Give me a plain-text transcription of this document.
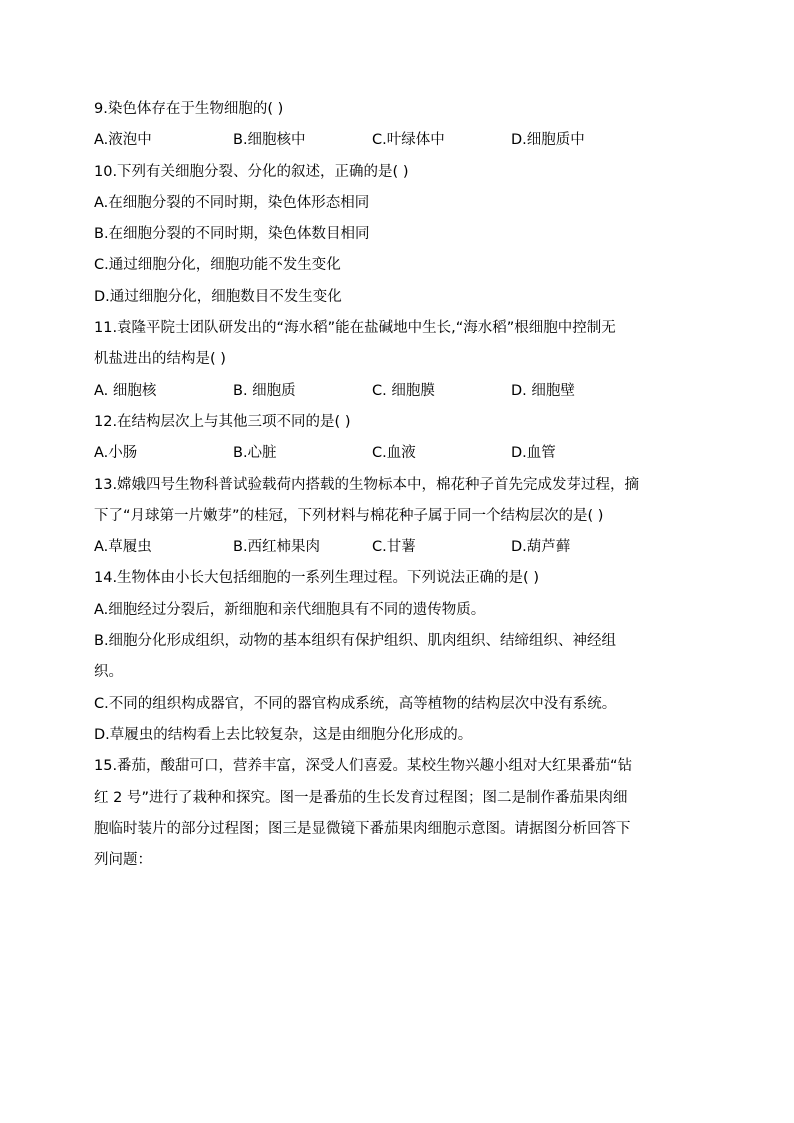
9.染色体存在于生物细胞的( )
A.液泡中	B.细胞核中	C.叶绿体中	D.细胞质中
10.下列有关细胞分裂、分化的叙述，正确的是( )
A.在细胞分裂的不同时期，染色体形态相同
B.在细胞分裂的不同时期，染色体数目相同
C.通过细胞分化，细胞功能不发生变化
D.通过细胞分化，细胞数目不发生变化
11.袁隆平院士团队研发出的“海水稻”能在盐碱地中生长,“海水稻”根细胞中控制无
机盐进出的结构是( )
A. 细胞核	B. 细胞质	C. 细胞膜	D. 细胞壁
12.在结构层次上与其他三项不同的是( )
A.小肠	B.心脏	C.血液	D.血管
13.嫦娥四号生物科普试验载荷内搭载的生物标本中，棉花种子首先完成发芽过程，摘
下了“月球第一片嫩芽”的桂冠，下列材料与棉花种子属于同一个结构层次的是( )
A.草履虫	B.西红柿果肉	C.甘薯	D.葫芦藓
14.生物体由小长大包括细胞的一系列生理过程。下列说法正确的是( )
A.细胞经过分裂后，新细胞和亲代细胞具有不同的遗传物质。
B.细胞分化形成组织，动物的基本组织有保护组织、肌肉组织、结缔组织、神经组
织。
C.不同的组织构成器官，不同的器官构成系统，高等植物的结构层次中没有系统。
D.草履虫的结构看上去比较复杂，这是由细胞分化形成的。
15.番茄，酸甜可口，营养丰富，深受人们喜爱。某校生物兴趣小组对大红果番茄“钻
红 2 号”进行了栽种和探究。图一是番茄的生长发育过程图；图二是制作番茄果肉细
胞临时装片的部分过程图；图三是显微镜下番茄果肉细胞示意图。请据图分析回答下
列问题：
